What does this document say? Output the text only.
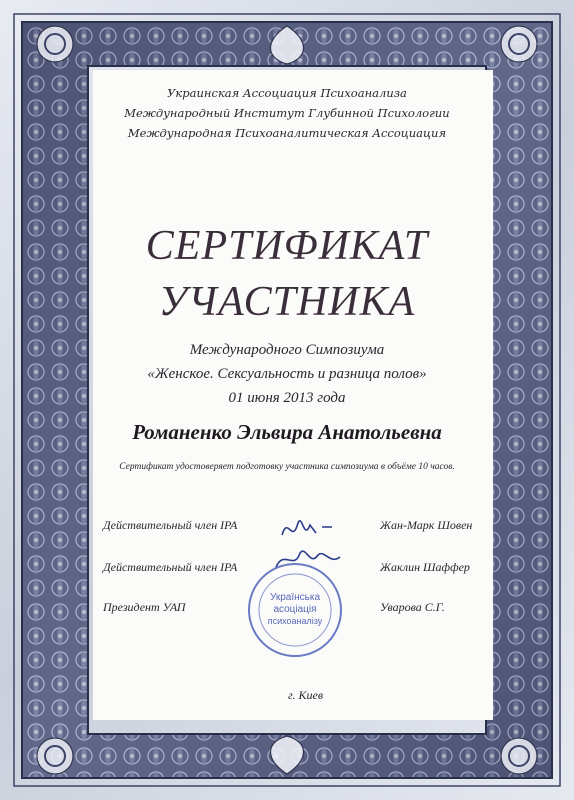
Украинская Ассоциация Психоанализа
Международный Институт Глубинной Психологии
Международная Психоаналитическая Ассоциация
СЕРТИФИКАТ
УЧАСТНИКА
Международного Симпозиума
«Женское. Сексуальность и разница полов»
01 июня 2013 года
Романенко Эльвира Анатольевна
Сертификат удостоверяет подготовку участника симпозиума в объёме 10 часов.
Действительный член IPA	Жан-Марк Шовен
Действительный член IPA	Жаклин Шаффер
Президент УАП	Уварова С.Г.
Українська
асоціація
психоаналізу
г. Киев
